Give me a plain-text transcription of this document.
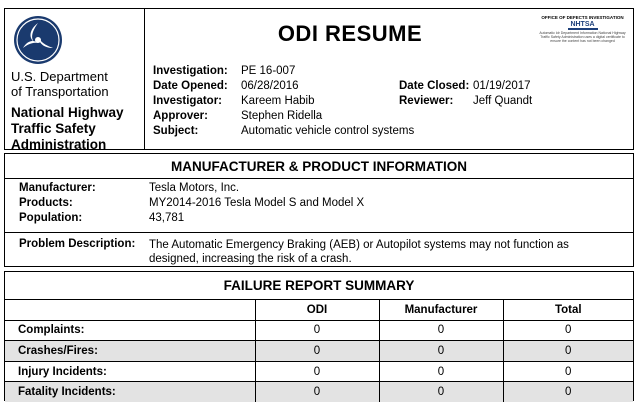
U.S. Department
of Transportation
National Highway
Traffic Safety
Administration
ODI RESUME
OFFICE OF DEFECTS INVESTIGATION
NHTSA
Automatic ldr Department Information National Highway Traffic Safety Administration uses a digital certificate to ensure the content has not been changed
Investigation: PE 16-007
Date Opened: 06/28/2016	Date Closed: 01/19/2017
Investigator: Kareem Habib	Reviewer: Jeff Quandt
Approver:	Stephen Ridella
Subject:	Automatic vehicle control systems
MANUFACTURER & PRODUCT INFORMATION
Manufacturer:	Tesla Motors, Inc.
Products:	MY2014-2016 Tesla Model S and Model X
Population:	43,781
Problem Description: The Automatic Emergency Braking (AEB) or Autopilot systems may not function as designed, increasing the risk of a crash.
FAILURE REPORT SUMMARY
	ODI	Manufacturer	Total
Complaints:	0	0	0
Crashes/Fires:	0	0	0
Injury Incidents:	0	0	0
Fatality Incidents:	0	0	0
